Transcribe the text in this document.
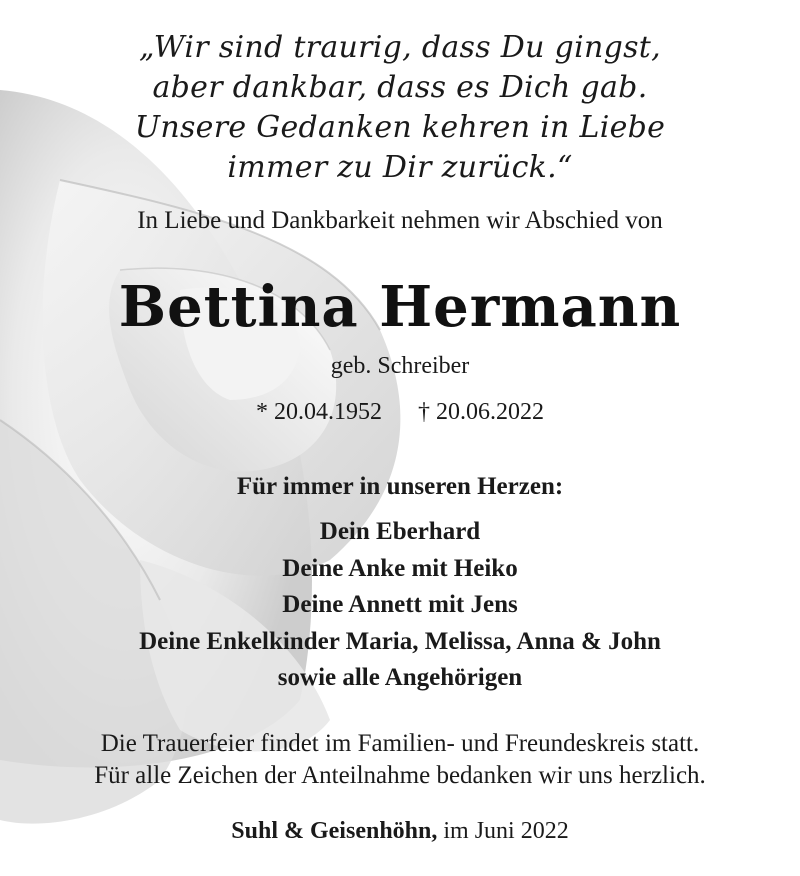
„Wir sind traurig, dass Du gingst,
aber dankbar, dass es Dich gab.
Unsere Gedanken kehren in Liebe
immer zu Dir zurück.“
In Liebe und Dankbarkeit nehmen wir Abschied von
Bettina Hermann
geb. Schreiber
* 20.04.1952 † 20.06.2022
Für immer in unseren Herzen:
Dein Eberhard
Deine Anke mit Heiko
Deine Annett mit Jens
Deine Enkelkinder Maria, Melissa, Anna & John
sowie alle Angehörigen
Die Trauerfeier findet im Familien- und Freundeskreis statt.
Für alle Zeichen der Anteilnahme bedanken wir uns herzlich.
Suhl & Geisenhöhn, im Juni 2022
